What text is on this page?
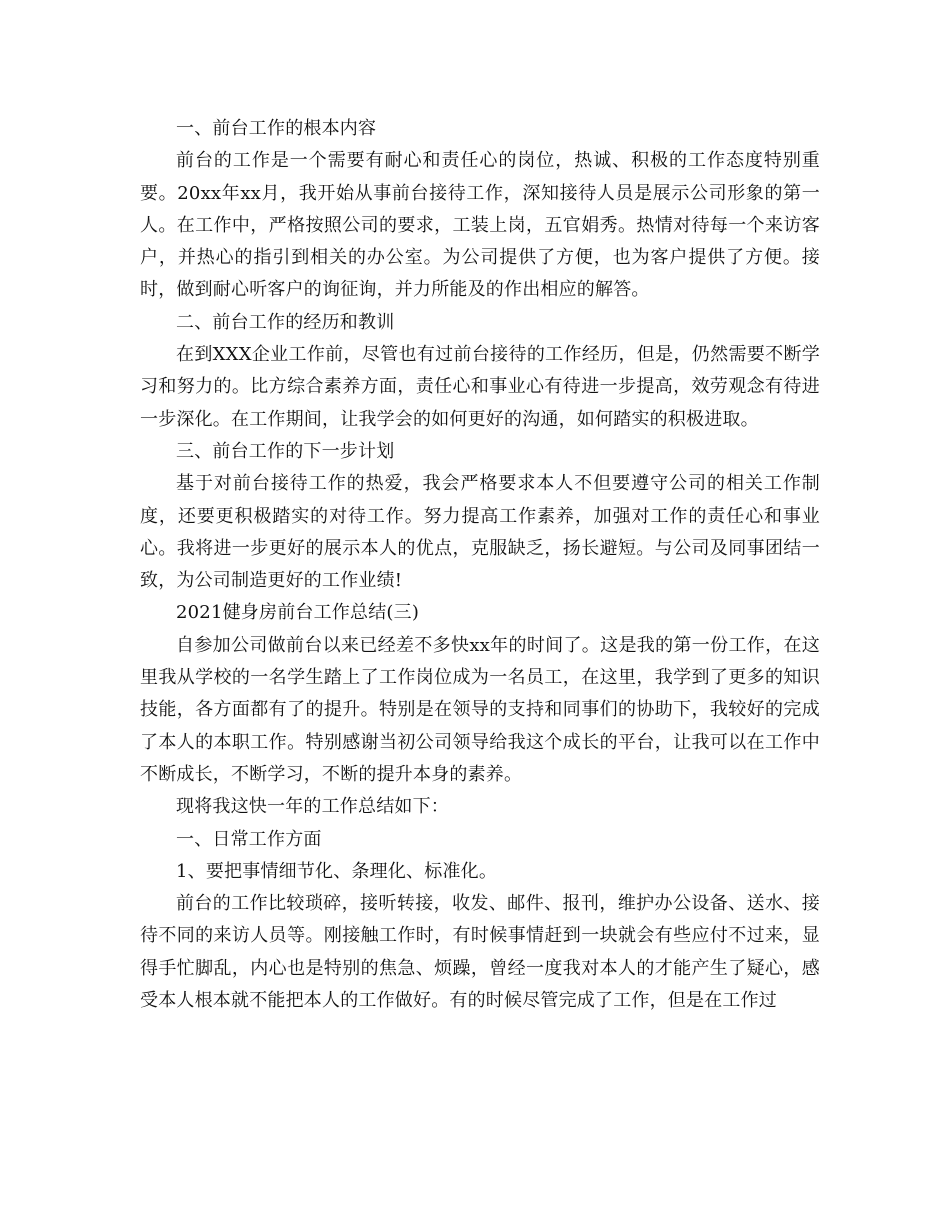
一、前台工作的根本内容

前台的工作是一个需要有耐心和责任心的岗位，热诚、积极的工作态度特别重要。20xx年xx月，我开始从事前台接待工作，深知接待人员是展示公司形象的第一人。在工作中，严格按照公司的要求，工装上岗，五官娟秀。热情对待每一个来访客户，并热心的指引到相关的办公室。为公司提供了方便，也为客户提供了方便。接时，做到耐心听客户的询征询，并力所能及的作出相应的解答。

二、前台工作的经历和教训

在到XXX企业工作前，尽管也有过前台接待的工作经历，但是，仍然需要不断学习和努力的。比方综合素养方面，责任心和事业心有待进一步提高，效劳观念有待进一步深化。在工作期间，让我学会的如何更好的沟通，如何踏实的积极进取。

三、前台工作的下一步计划

基于对前台接待工作的热爱，我会严格要求本人不但要遵守公司的相关工作制度，还要更积极踏实的对待工作。努力提高工作素养，加强对工作的责任心和事业心。我将进一步更好的展示本人的优点，克服缺乏，扬长避短。与公司及同事团结一致，为公司制造更好的工作业绩!

2021健身房前台工作总结(三)

自参加公司做前台以来已经差不多快xx年的时间了。这是我的第一份工作，在这里我从学校的一名学生踏上了工作岗位成为一名员工，在这里，我学到了更多的知识技能，各方面都有了的提升。特别是在领导的支持和同事们的协助下，我较好的完成了本人的本职工作。特别感谢当初公司领导给我这个成长的平台，让我可以在工作中不断成长，不断学习，不断的提升本身的素养。

现将我这快一年的工作总结如下：

一、日常工作方面

1、要把事情细节化、条理化、标准化。

前台的工作比较琐碎，接听转接，收发、邮件、报刊，维护办公设备、送水、接待不同的来访人员等。刚接触工作时，有时候事情赶到一块就会有些应付不过来，显得手忙脚乱，内心也是特别的焦急、烦躁，曾经一度我对本人的才能产生了疑心，感受本人根本就不能把本人的工作做好。有的时候尽管完成了工作，但是在工作过
